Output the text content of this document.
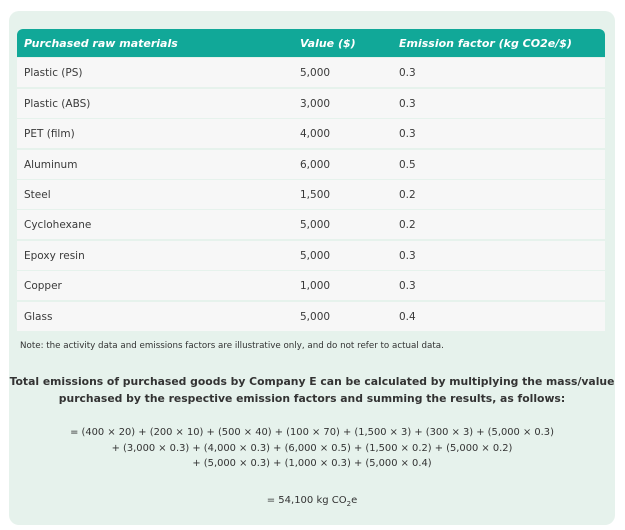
Purchased raw materials	Value ($)	Emission factor (kg CO2e/$)
Plastic (PS)	5,000	0.3
Plastic (ABS)	3,000	0.3
PET (film)	4,000	0.3
Aluminum	6,000	0.5
Steel	1,500	0.2
Cyclohexane	5,000	0.2
Epoxy resin	5,000	0.3
Copper	1,000	0.3
Glass	5,000	0.4
Note: the activity data and emissions factors are illustrative only, and do not refer to actual data.
Total emissions of purchased goods by Company E can be calculated by multiplying the mass/value
purchased by the respective emission factors and summing the results, as follows:
= (400 × 20) + (200 × 10) + (500 × 40) + (100 × 70) + (1,500 × 3) + (300 × 3) + (5,000 × 0.3)
+ (3,000 × 0.3) + (4,000 × 0.3) + (6,000 × 0.5) + (1,500 × 0.2) + (5,000 × 0.2)
+ (5,000 × 0.3) + (1,000 × 0.3) + (5,000 × 0.4)
= 54,100 kg $CO_2e$
